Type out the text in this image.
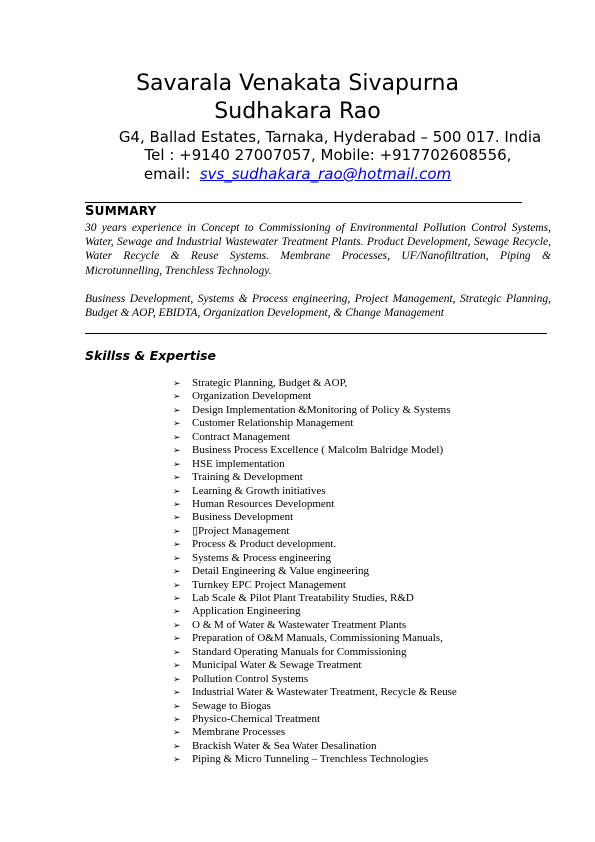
Savarala Venakata Sivapurna
Sudhakara Rao
G4, Ballad Estates, Tarnaka, Hyderabad – 500 017. India
Tel : +9140 27007057, Mobile: +917702608556,
email: svs_sudhakara_rao@hotmail.com
SUMMARY
30 years experience in Concept to Commissioning of Environmental Pollution Control Systems, Water, Sewage and Industrial Wastewater Treatment Plants. Product Development, Sewage Recycle, Water Recycle & Reuse Systems. Membrane Processes, UF/Nanofiltration, Piping & Microtunnelling, Trenchless Technology.
Business Development, Systems & Process engineering, Project Management, Strategic Planning, Budget & AOP, EBIDTA, Organization Development, & Change Management
Skillss & Expertise
➢ Strategic Planning, Budget & AOP,
➢ Organization Development
➢ Design Implementation &Monitoring of Policy & Systems
➢ Customer Relationship Management
➢ Contract Management
➢ Business Process Excellence ( Malcolm Balridge Model)
➢ HSE implementation
➢ Training & Development
➢ Learning & Growth initiatives
➢ Human Resources Development
➢ Business Development
➢ ▯Project Management
➢ Process & Product development.
➢ Systems & Process engineering
➢ Detail Engineering & Value engineering
➢ Turnkey EPC Project Management
➢ Lab Scale & Pilot Plant Treatability Studies, R&D
➢ Application Engineering
➢ O & M of Water & Wastewater Treatment Plants
➢ Preparation of O&M Manuals, Commissioning Manuals,
➢ Standard Operating Manuals for Commissioning
➢ Municipal Water & Sewage Treatment
➢ Pollution Control Systems
➢ Industrial Water & Wastewater Treatment, Recycle & Reuse
➢ Sewage to Biogas
➢ Physico-Chemical Treatment
➢ Membrane Processes
➢ Brackish Water & Sea Water Desalination
➢ Piping & Micro Tunneling – Trenchless Technologies
